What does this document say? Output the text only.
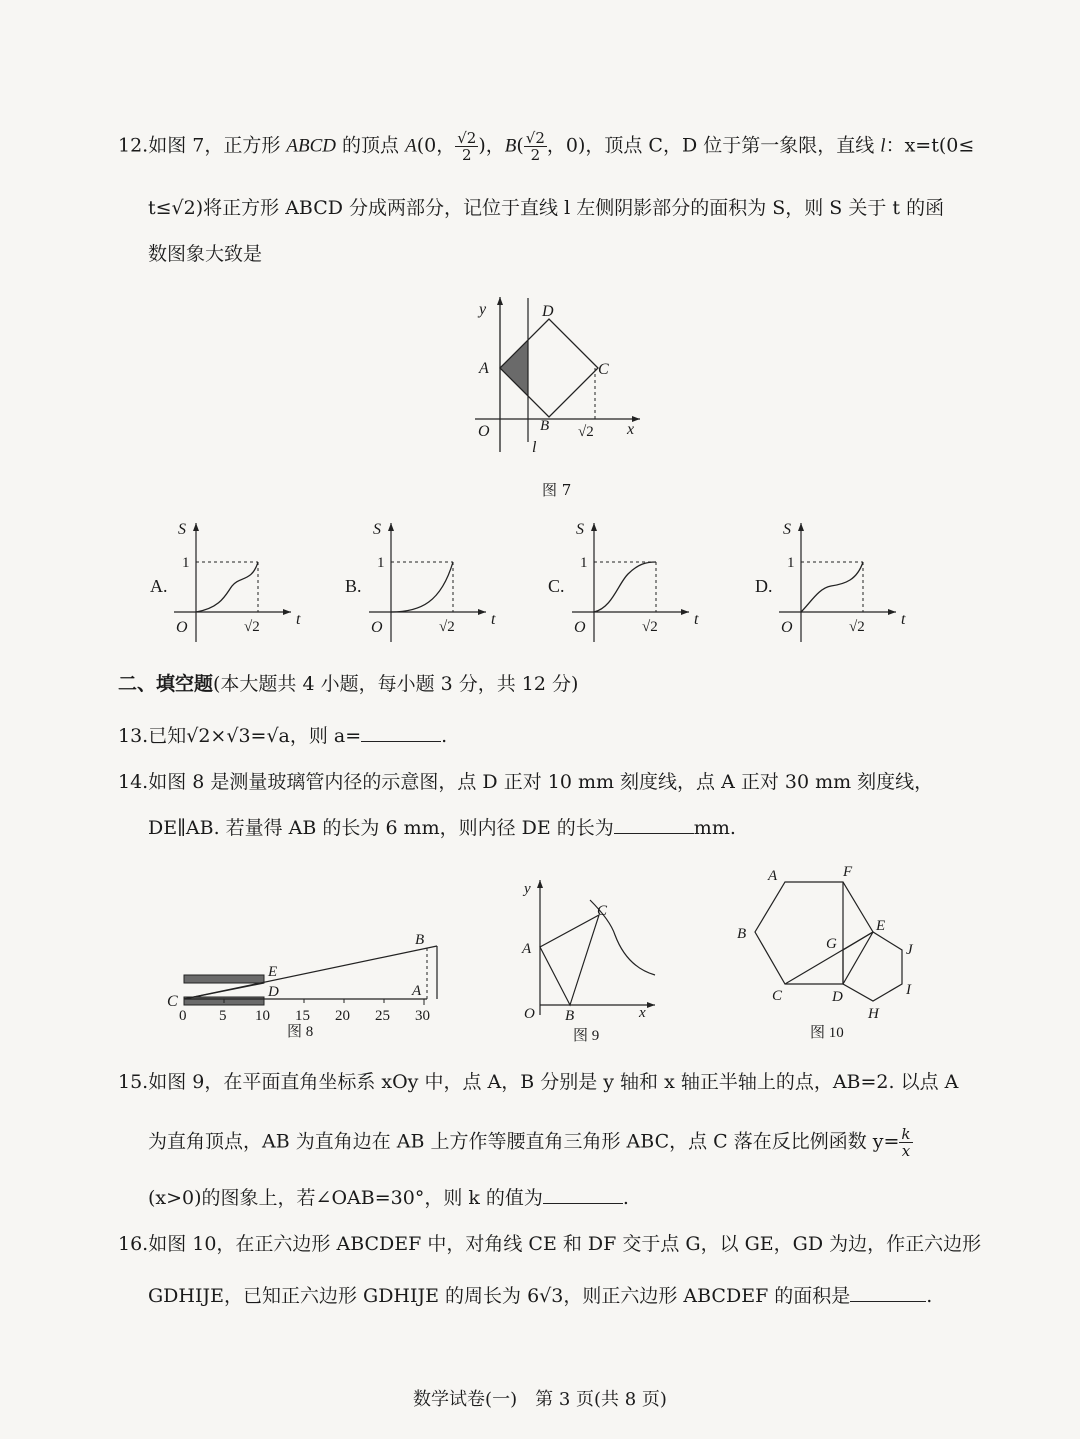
12.如图 7，正方形 ABCD 的顶点 A(0， $\frac{√2}{2}$ )，$B( \frac{√2}{2}$ ，0)，顶点 C，D 位于第一象限，直线 l：x=t(0≤
t≤√2)将正方形 ABCD 分成两部分，记位于直线 l 左侧阴影部分的面积为 S，则 S 关于 t 的函
数图象大致是
y
x
O
A
D
C
B
l
√2
图 7
A.
S
1
O	t
√2
B.
S
1
O	t
√2
C.
S
1
O	t
√2
D.
S
1
O	t
√2
二、填空题(本大题共 4 小题，每小题 3 分，共 12 分)
13.已知√2×√3=√a，则 a=	.
14.如图 8 是测量玻璃管内径的示意图，点 D 正对 10 mm 刻度线，点 A 正对 30 mm 刻度线，
DE∥AB. 若量得 AB 的长为 6 mm，则内径 DE 的长为	mm.
C
E
D	A
B
0 5 10 15 20 25 30
图 8
y
x
O
A
B
C
图 9
A	F
B	E
G	J
I
C	D
H
图 10
15.如图 9，在平面直角坐标系 xOy 中，点 A，B 分别是 y 轴和 x 轴正半轴上的点，AB=2. 以点 A
为直角顶点，AB 为直角边在 AB 上方作等腰直角三角形 ABC，点 C 落在反比例函数 $y= \frac{k}{x}$
(x>0)的图象上，若∠OAB=30°，则 k 的值为	.
16.如图 10，在正六边形 ABCDEF 中，对角线 CE 和 DF 交于点 G，以 GE，GD 为边，作正六边形
GDHIJE，已知正六边形 GDHIJE 的周长为 6√3，则正六边形 ABCDEF 的面积是	.
数学试卷(一)　第 3 页(共 8 页)
